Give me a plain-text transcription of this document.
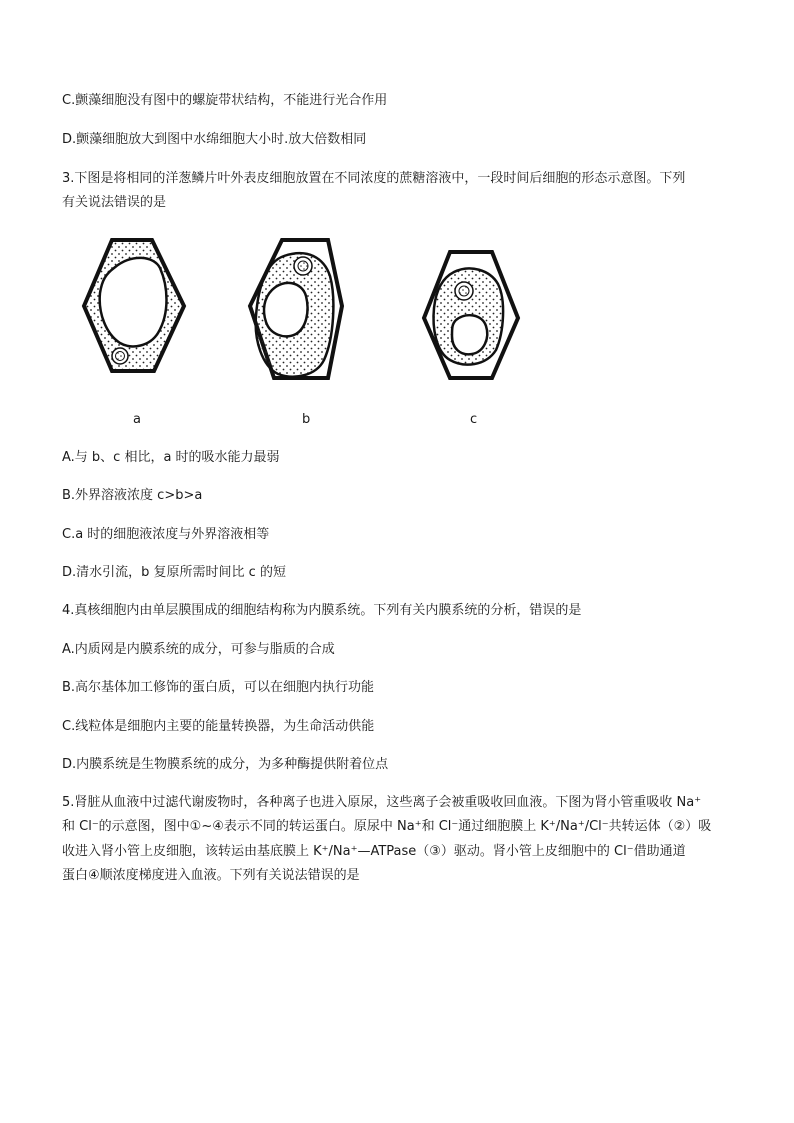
C.颤藻细胞没有图中的螺旋带状结构，不能进行光合作用
D.颤藻细胞放大到图中水绵细胞大小时.放大倍数相同
3.下图是将相同的洋葱鳞片叶外表皮细胞放置在不同浓度的蔗糖溶液中，一段时间后细胞的形态示意图。下列
有关说法错误的是
a	b	c
A.与 b、c 相比，a 时的吸水能力最弱
B.外界溶液浓度 c>b>a
C.a 时的细胞液浓度与外界溶液相等
D.清水引流，b 复原所需时间比 c 的短
4.真核细胞内由单层膜围成的细胞结构称为内膜系统。下列有关内膜系统的分析，错误的是
A.内质网是内膜系统的成分，可参与脂质的合成
B.高尔基体加工修饰的蛋白质，可以在细胞内执行功能
C.线粒体是细胞内主要的能量转换器，为生命活动供能
D.内膜系统是生物膜系统的成分，为多种酶提供附着位点
5.肾脏从血液中过滤代谢废物时，各种离子也进入原尿，这些离子会被重吸收回血液。下图为肾小管重吸收 Na⁺
和 Cl⁻的示意图，图中①~④表示不同的转运蛋白。原尿中 Na⁺和 Cl⁻通过细胞膜上 K⁺/Na⁺/Cl⁻共转运体（②）吸
收进入肾小管上皮细胞，该转运由基底膜上 K⁺/Na⁺—ATPase（③）驱动。肾小管上皮细胞中的 Cl⁻借助通道
蛋白④顺浓度梯度进入血液。下列有关说法错误的是
